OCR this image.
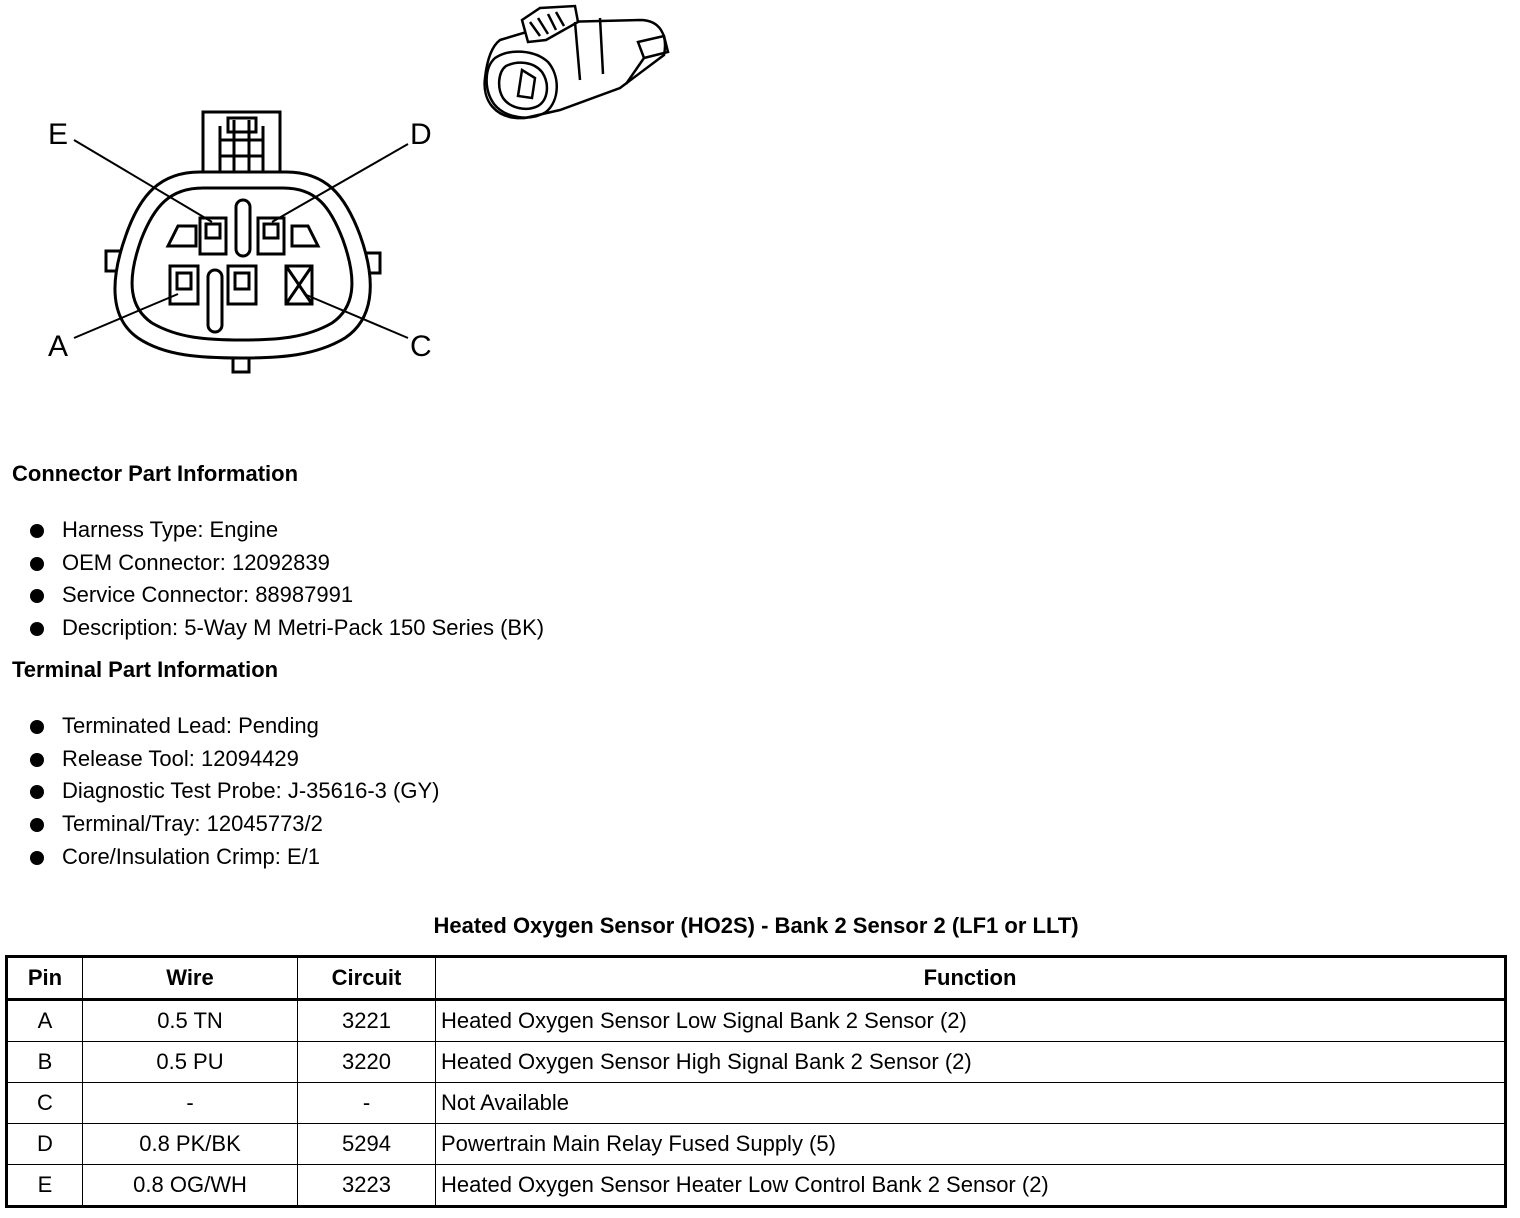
E	D
A	C
Connector Part Information
Harness Type: Engine
OEM Connector: 12092839
Service Connector: 88987991
Description: 5-Way M Metri-Pack 150 Series (BK)
Terminal Part Information
Terminated Lead: Pending
Release Tool: 12094429
Diagnostic Test Probe: J-35616-3 (GY)
Terminal/Tray: 12045773/2
Core/Insulation Crimp: E/1
Heated Oxygen Sensor (HO2S) - Bank 2 Sensor 2 (LF1 or LLT)
Pin	Wire	Circuit	Function
A	0.5 TN	3221	Heated Oxygen Sensor Low Signal Bank 2 Sensor (2)
B	0.5 PU	3220	Heated Oxygen Sensor High Signal Bank 2 Sensor (2)
C	-	-	Not Available
D	0.8 PK/BK	5294	Powertrain Main Relay Fused Supply (5)
E	0.8 OG/WH	3223	Heated Oxygen Sensor Heater Low Control Bank 2 Sensor (2)
